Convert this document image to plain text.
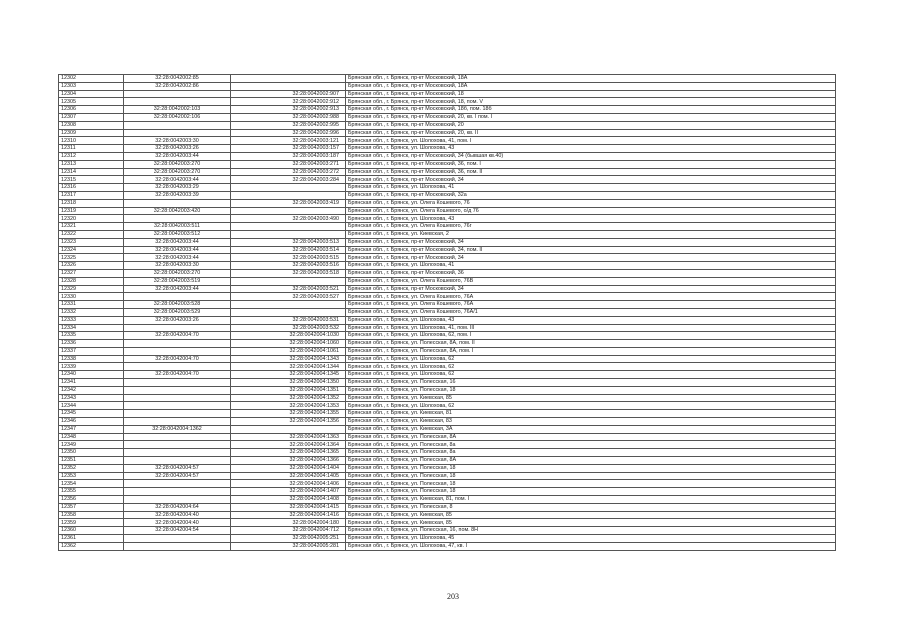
12302	32:28:0042002:85		Брянская обл., г. Брянск, пр-кт Московский, 18А
12303	32:28:0042002:86		Брянская обл., г. Брянск, пр-кт Московский, 18А
12304		32:28:0042002:907	Брянская обл., г. Брянск, пр-кт Московский, 18
12305		32:28:0042002:912	Брянская обл., г. Брянск, пр-кт Московский, 18, пом. V
12306	32:28:0042002:103	32:28:0042002:913	Брянская обл., г. Брянск, пр-кт Московский, 18б, пом. 18б
12307	32:28:0042002:106	32:28:0042002:988	Брянская обл., г. Брянск, пр-кт Московский, 20, кв. I пом. I
12308		32:28:0042002:995	Брянская обл., г. Брянск, пр-кт Московский, 20
12309		32:28:0042002:996	Брянская обл., г. Брянск, пр-кт Московский, 20, кв. II
12310	32:28:0042003:30	32:28:0042003:121	Брянская обл., г. Брянск, ул. Шолохова, 41, пом. I
12311	32:28:0042003:26	32:28:0042003:157	Брянская обл., г. Брянск, ул. Шолохова, 43
12312	32:28:0042003:44	32:28:0042003:187	Брянская обл., г. Брянск, пр-кт Московский, 34 (бывшая кв.40)
12313	32:28:0042003:270	32:28:0042003:271	Брянская обл., г. Брянск, пр-кт Московский, 36, пом. I
12314	32:28:0042003:270	32:28:0042003:272	Брянская обл., г. Брянск, пр-кт Московский, 36, пом. II
12315	32:28:0042003:44	32:28:0042003:284	Брянская обл., г. Брянск, пр-кт Московский, 34
12316	32:28:0042003:29		Брянская обл., г. Брянск, ул. Шолохова, 41
12317	32:28:0042003:39		Брянская обл., г. Брянск, пр-кт Московский, 32а
12318		32:28:0042003:419	Брянская обл., г. Брянск, ул. Олега Кошевого, 76
12319	32:28:0042003:420		Брянская обл., г. Брянск, ул. Олега Кошевого, о/д 76
12320		32:28:0042003:490	Брянская обл., г. Брянск, ул. Шолохова, 43
12321	32:28:0042003:511		Брянская обл., г. Брянск, ул. Олега Кошевого, 76г
12322	32:28:0042003:512		Брянская обл., г. Брянск, ул. Киевская, 2
12323	32:28:0042003:44	32:28:0042003:513	Брянская обл., г. Брянск, пр-кт Московский, 34
12324	32:28:0042003:44	32:28:0042003:514	Брянская обл., г. Брянск, пр-кт Московский, 34, пом. II
12325	32:28:0042003:44	32:28:0042003:515	Брянская обл., г. Брянск, пр-кт Московский, 34
12326	32:28:0042003:30	32:28:0042003:516	Брянская обл., г. Брянск, ул. Шолохова, 41
12327	32:28:0042003:270	32:28:0042003:518	Брянская обл., г. Брянск, пр-кт Московский, 36
12328	32:28:0042003:519		Брянская обл., г. Брянск, ул. Олега Кошевого, 76В
12329	32:28:0042003:44	32:28:0042003:521	Брянская обл., г. Брянск, пр-кт Московский, 34
12330		32:28:0042003:527	Брянская обл., г. Брянск, ул. Олега Кошевого, 76А
12331	32:28:0042003:528		Брянская обл., г. Брянск, ул. Олега Кошевого, 76А
12332	32:28:0042003:529		Брянская обл., г. Брянск, ул. Олега Кошевого, 76А/1
12333	32:28:0042003:26	32:28:0042003:531	Брянская обл., г. Брянск, ул. Шолохова, 43
12334		32:28:0042003:532	Брянская обл., г. Брянск, ул. Шолохова, 41, пом. III
12335	32:28:0042004:70	32:28:0042004:1030	Брянская обл., г. Брянск, ул. Шолохова, 62, пом. I
12336		32:28:0042004:1060	Брянская обл., г. Брянск, ул. Полесская, 8А, пом. II
12337		32:28:0042004:1061	Брянская обл., г. Брянск, ул. Полесская, 8А, пом. I
12338	32:28:0042004:70	32:28:0042004:1343	Брянская обл., г. Брянск, ул. Шолохова, 62
12339		32:28:0042004:1344	Брянская обл., г. Брянск, ул. Шолохова, 62
12340	32:28:0042004:70	32:28:0042004:1345	Брянская обл., г. Брянск, ул. Шолохова, 62
12341		32:28:0042004:1350	Брянская обл., г. Брянск, ул. Полесская, 16
12342		32:28:0042004:1351	Брянская обл., г. Брянск, ул. Полесская, 18
12343		32:28:0042004:1352	Брянская обл., г. Брянск, ул. Киевская, 85
12344		32:28:0042004:1353	Брянская обл., г. Брянск, ул. Шолохова, 62
12345		32:28:0042004:1355	Брянская обл., г. Брянск, ул. Киевская, 81
12346		32:28:0042004:1356	Брянская обл., г. Брянск, ул. Киевская, 83
12347	32:28:0042004:1362		Брянская обл., г. Брянск, ул. Киевская, 3А
12348		32:28:0042004:1363	Брянская обл., г. Брянск, ул. Полесская, 8А
12349		32:28:0042004:1364	Брянская обл., г. Брянск, ул. Полесская, 8а
12350		32:28:0042004:1365	Брянская обл., г. Брянск, ул. Полесская, 8а
12351		32:28:0042004:1366	Брянская обл., г. Брянск, ул. Полесская, 8А
12352	32:28:0042004:57	32:28:0042004:1404	Брянская обл., г. Брянск, ул. Полесская, 18
12353	32:28:0042004:57	32:28:0042004:1405	Брянская обл., г. Брянск, ул. Полесская, 18
12354		32:28:0042004:1406	Брянская обл., г. Брянск, ул. Полесская, 18
12355		32:28:0042004:1407	Брянская обл., г. Брянск, ул. Полесская, 18
12356		32:28:0042004:1408	Брянская обл., г. Брянск, ул. Киевская, 81, пом. I
12357	32:28:0042004:64	32:28:0042004:1415	Брянская обл., г. Брянск, ул. Полесская, 8
12358	32:28:0042004:40	32:28:0042004:1416	Брянская обл., г. Брянск, ул. Киевская, 85
12359	32:28:0042004:40	32:28:0042004:180	Брянская обл., г. Брянск, ул. Киевская, 85
12360	32:28:0042004:54	32:28:0042004:712	Брянская обл., г. Брянск, ул. Полесская, 16, пом. 8Н
12361		32:28:0042005:251	Брянская обл., г. Брянск, ул. Шолохова, 45
12362		32:28:0042005:281	Брянская обл., г. Брянск, ул. Шолохова, 47, кв. I
203
